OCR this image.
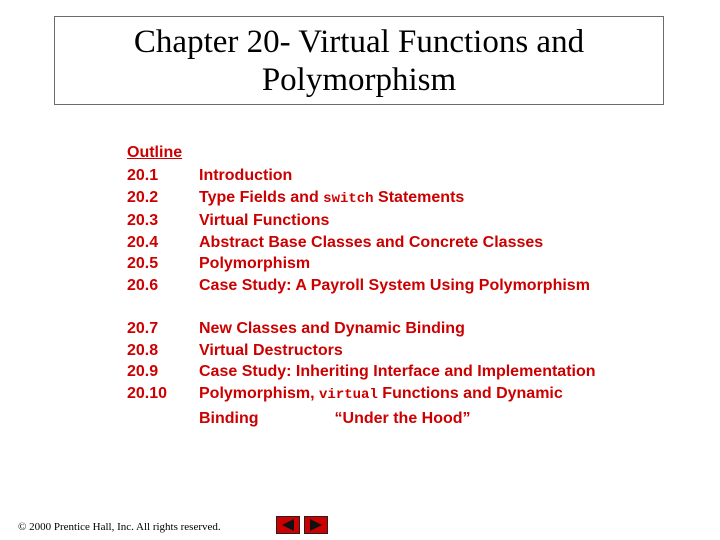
Chapter 20- Virtual Functions and Polymorphism
Outline
20.1	Introduction
20.2	Type Fields and switch Statements
20.3	Virtual Functions
20.4	Abstract Base Classes and Concrete Classes
20.5	Polymorphism
20.6	Case Study: A Payroll System Using Polymorphism
20.7	New Classes and Dynamic Binding
20.8	Virtual Destructors
20.9	Case Study: Inheriting Interface and Implementation
20.10	Polymorphism, virtual Functions and Dynamic
Binding	“Under the Hood”
© 2000 Prentice Hall, Inc. All rights reserved.
